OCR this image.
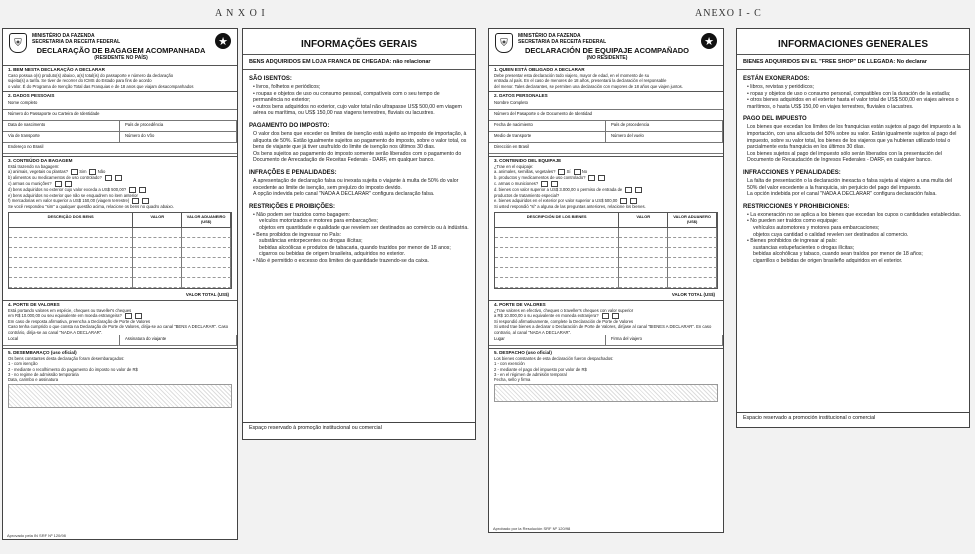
A N X O I	ANEXO I - C
⛨
MINISTÉRIO DA FAZENDA
SECRETARIA DA RECEITA FEDERAL
DECLARAÇÃO DE BAGAGEM ACOMPANHADA
(RESIDENTE NO PAÍS)
★
1. BEM NESTA DECLARAÇÃO A DECLARAR
Caso possua o(s) produto(s) abaixo, a(s) total(is) do passaporte e número da declaração
sujeita(s) a tarifa. Se tiver de recorrer do ICMS do Estado para fins de acordo
o valor. É do Programa de Isenção Total das Franquias e de 18 anos que viajam desacompanhados
2. DADOS PESSOAIS
Nome completo
Número do Passaporte ou Carteira de Identidade
Data de nascimento	País de procedência
Via de transporte	Número do Vôo
Endereço no Brasil
3. CONTEÚDO DA BAGAGEM
Está trazendo na bagagem:
a) animais, vegetais ou plantas?	Sim	Não
b) alimentos ou medicamentos de uso controlado?
c) armas ou munições?
d) bens adquiridos no exterior cujo valor exceda a US$ 500,00?
e) bens adquiridos no exterior que não se enquadrem no item anterior
f) mercadorias em valor superior a US$ 150,00 (viagem terrestre)
Se você respondeu "sim" a qualquer questão acima, relacione os bens no quadro abaixo.
DESCRIÇÃO DOS BENS	VALOR	VALOR ADUANEIRO (US$)
VALOR TOTAL (US$)
4. PORTE DE VALORES
Está portando valores em espécie, cheques ou traveller's cheques
em R$ 10.000,00 ou seu equivalente em moeda estrangeira?
Em caso de resposta afirmativa, preencha a Declaração de Porte de Valores
Caso tenha cumprido o que consta na Declaração de Porte de Valores, dirija-se ao canal "BENS A DECLARAR". Caso contrário, dirija-se ao canal "NADA A DECLARAR".
Local	Assinatura do viajante
5. DESEMBARAÇO (uso oficial)
Os bens constantes desta declaração foram desembaraçados:
1 - com isenção
2 - mediante o recolhimento do pagamento do imposto no valor de R$
3 - no regime de admissão temporária
Data, carimbo e assinatura
Aprovado pela IN SRF Nº 120/98
INFORMAÇÕES GERAIS
BENS ADQUIRIDOS EM LOJA FRANCA DE CHEGADA: não relacionar
SÃO ISENTOS:
• livros, folhetos e periódicos;
• roupas e objetos de uso ou consumo pessoal, compatíveis com o seu tempo de permanência no exterior;
• outros bens adquiridos no exterior, cujo valor total não ultrapasse US$ 500,00 em viagem aérea ou marítima, ou US$ 150,00 nas viagens terrestres, fluviais ou lacustres.
PAGAMENTO DO IMPOSTO:
O valor dos bens que exceder os limites de isenção está sujeito ao imposto de importação, à alíquota de 50%. Estão igualmente sujeitos ao pagamento do imposto, sobre o valor total, os bens de viajante que já tiver usufruído do limite de isenção nos últimos 30 dias.
Os bens sujeitos ao pagamento do imposto somente serão liberados com o pagamento do Documento de Arrecadação de Receitas Federais - DARF, em qualquer banco.
INFRAÇÕES E PENALIDADES:
A apresentação de declaração falsa ou inexata sujeita o viajante à multa de 50% do valor excedente ao limite de isenção, sem prejuízo do imposto devido.
A opção indevida pelo canal "NADA A DECLARAR" configura declaração falsa.
RESTRIÇÕES E PROIBIÇÕES:
• Não podem ser trazidos como bagagem:
veículos motorizados e motores para embarcações;
objetos em quantidade e qualidade que revelem ser destinados ao comércio ou à indústria.
• Bens proibidos de ingressar no País:
substâncias entorpecentes ou drogas ilícitas;
bebidas alcoólicas e produtos de tabacaria, quando trazidos por menor de 18 anos;
cigarros ou bebidas de origem brasileira, adquiridos no exterior.
• Não é permitido o excesso dos limites de quantidade trazendo-se da caixa.
Espaço reservado à promoção institucional ou comercial
⛨
MINISTÉRIO DA FAZENDA
SECRETARIA DA RECEITA FEDERAL
DECLARACIÓN DE EQUIPAJE ACOMPAÑADO
(NO RESIDENTE)
★
1. QUIEN ESTÁ OBLIGADO A DECLARAR
Debe presentar esta declaración todo viajero, mayor de edad, en el momento de su
entrada al país. En el caso de menores de 18 años, presentará la declaración el responsable
del menor. Tales declarantes, se permiten una declaración con mayores de 18 años que viajen juntos.
2. DATOS PERSONALES
Nombre Completo
Número del Pasaporte o de Documento de Identidad
Fecha de nacimiento	País de procedencia
Medio de transporte	Número del vuelo
Dirección en Brasil
3. CONTENIDO DEL EQUIPAJE
¿Trae en el equipaje:
a. animales, semillas, vegetales?	Sí	No
b. productos y medicamentos de uso controlado?
c. armas o municiones?
d. bienes con valor superior a US$ 3.000,00 o permiso de entrada de
productos de tratamiento especial?
e. bienes adquiridos en el exterior por valor superior a US$ 500,00
Si usted respondió "sí" a alguna de las preguntas anteriores, relacione los bienes.
DESCRIPCIÓN DE LOS BIENES	VALOR	VALOR ADUANERO (US$)
VALOR TOTAL (US$)
4. PORTE DE VALORES
¿Trae valores en efectivo, cheques o traveller's cheques con valor superior
a R$ 10.000,00 o su equivalente en moneda extranjera?
Si respondió afirmativamente, complete la Declaración de Porte de Valores
Si usted trae bienes a declarar o Declaración de Porte de Valores, diríjase al canal "BIENES A DECLARAR". En caso contrario, al canal "NADA A DECLARAR".
Lugar	Firma del viajero
5. DESPACHO (uso oficial)
Los bienes constantes de esta declaración fueron despachados:
1 - con exención
2 - mediante el pago del impuesto por valor de R$
3 - en el régimen de admisión temporal
Fecha, sello y firma
Aprobado por la Resolución SRF Nº 120/98
INFORMACIONES GENERALES
BIENES ADQUIRIDOS EN EL "FREE SHOP" DE LLEGADA: No declarar
ESTÁN EXONERADOS:
• libros, revistas y periódicos;
• ropas y objetos de uso o consumo personal, compatibles con la duración de la estadía;
• otros bienes adquiridos en el exterior hasta el valor total de US$ 500,00 en viajes aéreos o marítimos, o hasta US$ 150,00 en viajes terrestres, fluviales o lacustres.
PAGO DEL IMPUESTO
Los bienes que excedan los límites de los franquicias están sujetos al pago del impuesto a la importación, con una alícuota del 50% sobre su valor. Están igualmente sujetos al pago del impuesto, sobre su valor total, los bienes de los viajeros que ya hubieran utilizado total o parcialmente esta franquicia en los últimos 30 días.
Los bienes sujetos al pago del impuesto sólo serán liberados con la presentación del Documento de Recaudación de Ingresos Federales - DARF, en cualquier banco.
INFRACCIONES Y PENALIDADES:
La falta de presentación o la declaración inexacta o falsa sujeta al viajero a una multa del 50% del valor excedente a la franquicia, sin perjuicio del pago del impuesto.
La opción indebida por el canal "NADA A DECLARAR" configura declaración falsa.
RESTRICCIONES Y PROHIBICIONES:
• La exoneración no se aplica a los bienes que excedan los cupos o cantidades establecidas.
• No pueden ser traídos como equipaje:
vehículos automotores y motores para embarcaciones;
objetos cuya cantidad o calidad revelen ser destinados al comercio.
• Bienes prohibidos de ingresar al país:
sustancias estupefacientes o drogas ilícitas;
bebidas alcohólicas y tabaco, cuando sean traídos por menor de 18 años;
cigarrillos o bebidas de origen brasileño adquiridos en el exterior.
Espacio reservado a promoción institucional o comercial
